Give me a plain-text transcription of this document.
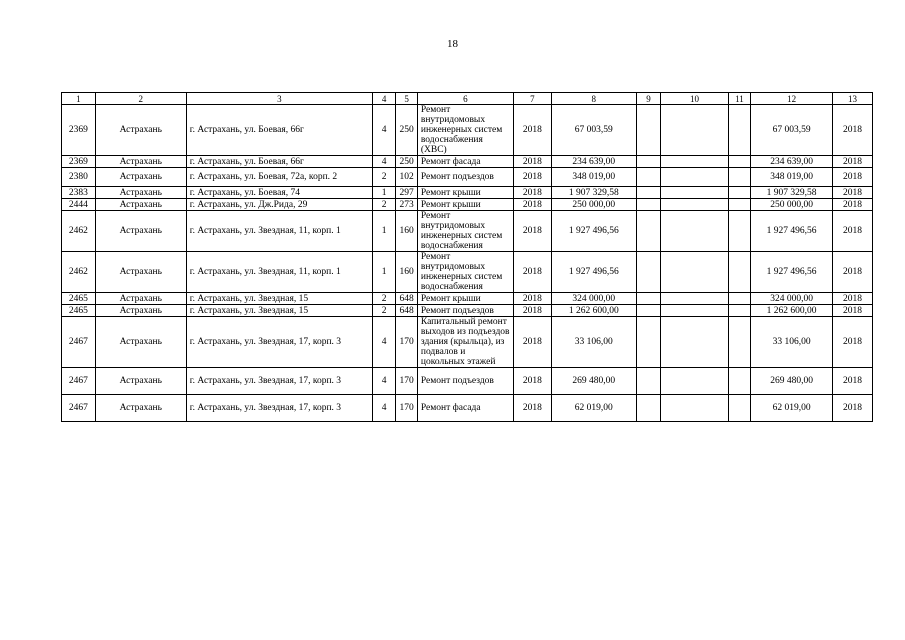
18
1	2	3	4	5	6	7	8	9	10	11	12	13
2369	Астрахань	г. Астрахань, ул. Боевая, 66г	4	250	Ремонт внутридомовых инженерных систем водоснабжения (ХВС)	2018	67 003,59				67 003,59	2018
2369	Астрахань	г. Астрахань, ул. Боевая, 66г	4	250	Ремонт фасада	2018	234 639,00				234 639,00	2018
2380	Астрахань	г. Астрахань, ул. Боевая, 72а, корп. 2	2	102	Ремонт подъездов	2018	348 019,00				348 019,00	2018
2383	Астрахань	г. Астрахань, ул. Боевая, 74	1	297	Ремонт крыши	2018	1 907 329,58				1 907 329,58	2018
2444	Астрахань	г. Астрахань, ул. Дж.Рида, 29	2	273	Ремонт крыши	2018	250 000,00				250 000,00	2018
2462	Астрахань	г. Астрахань, ул. Звездная, 11, корп. 1	1	160	Ремонт внутридомовых инженерных систем водоснабжения	2018	1 927 496,56				1 927 496,56	2018
2462	Астрахань	г. Астрахань, ул. Звездная, 11, корп. 1	1	160	Ремонт внутридомовых инженерных систем водоснабжения	2018	1 927 496,56				1 927 496,56	2018
2465	Астрахань	г. Астрахань, ул. Звездная, 15	2	648	Ремонт крыши	2018	324 000,00				324 000,00	2018
2465	Астрахань	г. Астрахань, ул. Звездная, 15	2	648	Ремонт подъездов	2018	1 262 600,00				1 262 600,00	2018
2467	Астрахань	г. Астрахань, ул. Звездная, 17, корп. 3	4	170	Капитальный ремонт выходов из подъездов здания (крыльца), из подвалов и цокольных этажей	2018	33 106,00				33 106,00	2018
2467	Астрахань	г. Астрахань, ул. Звездная, 17, корп. 3	4	170	Ремонт подъездов	2018	269 480,00				269 480,00	2018
2467	Астрахань	г. Астрахань, ул. Звездная, 17, корп. 3	4	170	Ремонт фасада	2018	62 019,00				62 019,00	2018
